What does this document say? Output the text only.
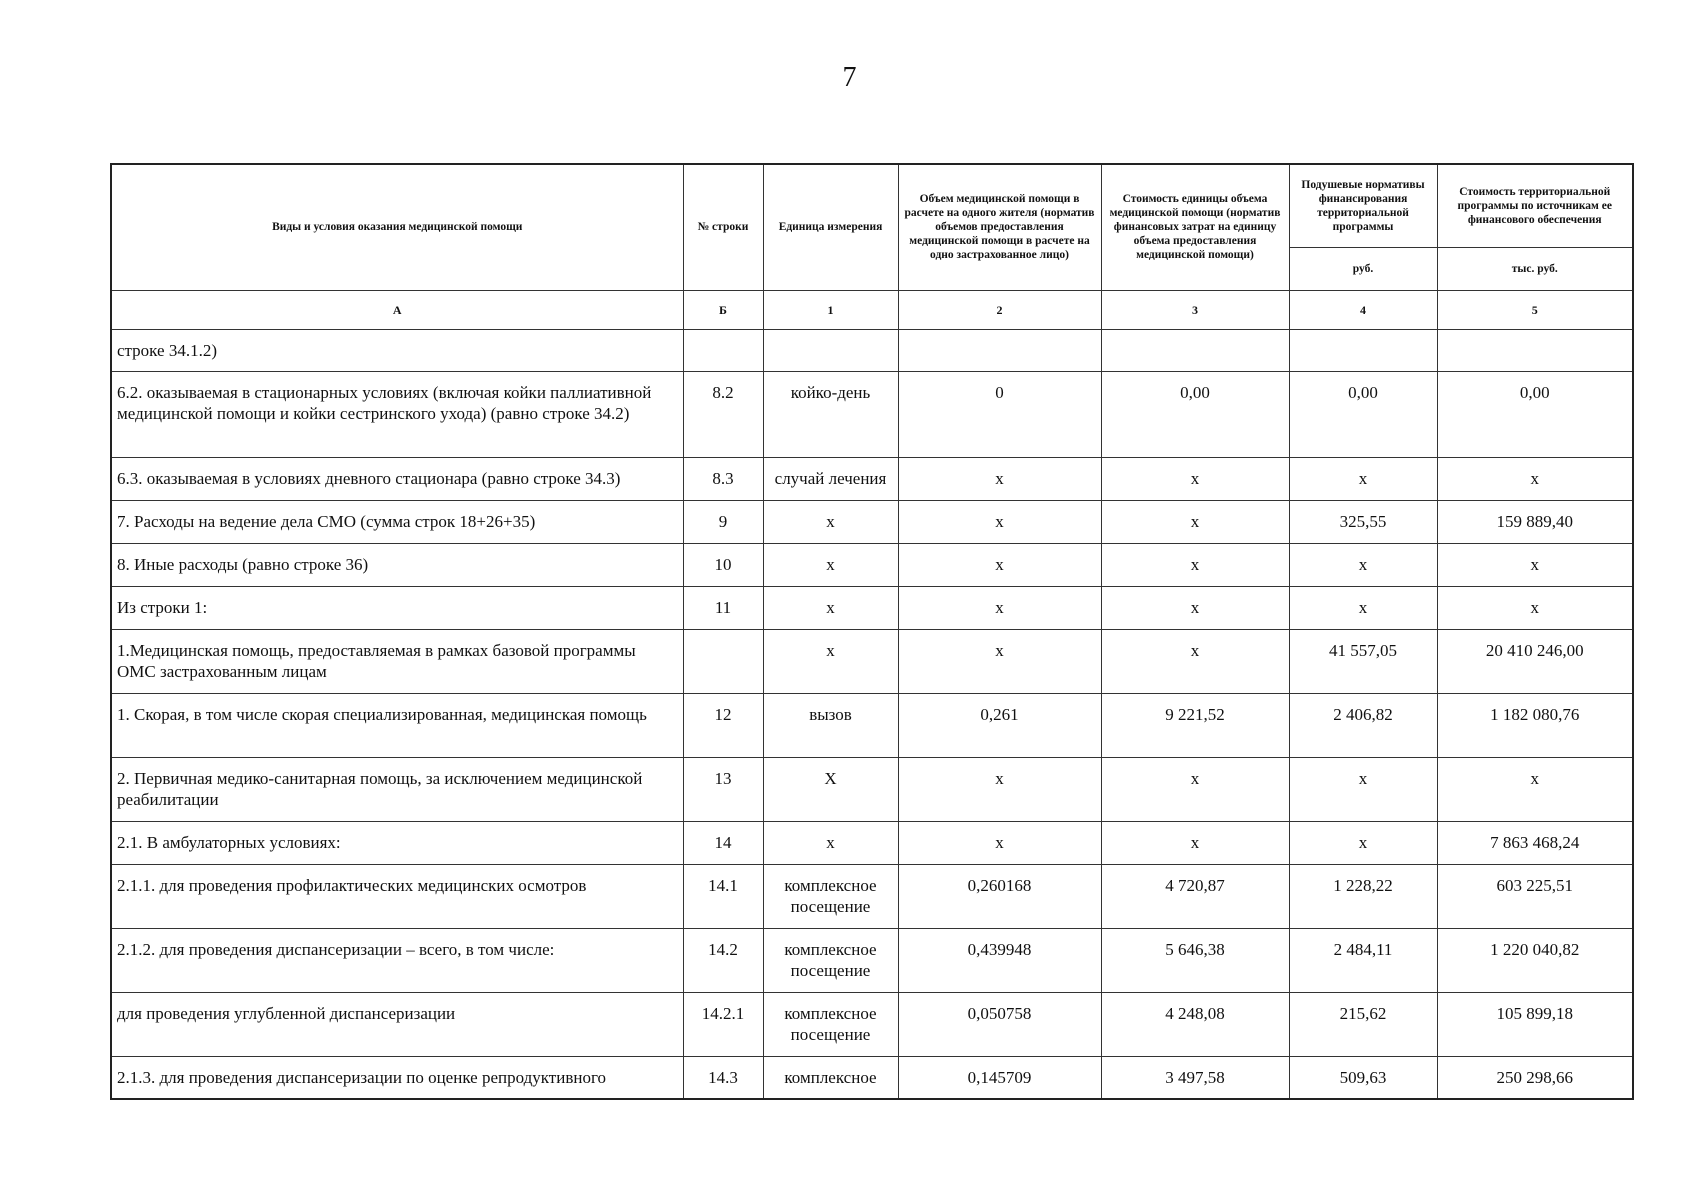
7
Виды и условия оказания медицинской помощи	№ строки	Единица измерения	Объем медицинской помощи в расчете на одного жителя (норматив объемов предоставления медицинской помощи в расчете на одно застрахованное лицо)	Стоимость единицы объема медицинской помощи (норматив финансовых затрат на единицу объема предоставления медицинской помощи)	Подушевые нормативы финансирования территориальной программы	Стоимость территориальной программы по источникам ее финансового обеспечения
					руб.	тыс. руб.
А	Б	1	2	3	4	5
строке 34.1.2)						
6.2. оказываемая в стационарных условиях (включая койки паллиативной медицинской помощи и койки сестринского ухода) (равно строке 34.2)	8.2	койко-день	0	0,00	0,00	0,00
6.3. оказываемая в условиях дневного стационара (равно строке 34.3)	8.3	случай лечения	x	x	x	x
7. Расходы на ведение дела СМО (сумма строк 18+26+35)	9	x	x	x	325,55	159 889,40
8. Иные расходы (равно строке 36)	10	x	x	x	x	x
Из строки 1:	11	x	x	x	x	x
1.Медицинская помощь, предоставляемая в рамках базовой программы ОМС застрахованным лицам		x	x	x	41 557,05	20 410 246,00
1. Скорая, в том числе скорая специализированная, медицинская помощь	12	вызов	0,261	9 221,52	2 406,82	1 182 080,76
2. Первичная медико-санитарная помощь, за исключением медицинской реабилитации	13	X	x	x	x	x
2.1. В амбулаторных условиях:	14	x	x	x	x	7 863 468,24
2.1.1. для проведения профилактических медицинских осмотров	14.1	комплексное посещение	0,260168	4 720,87	1 228,22	603 225,51
2.1.2. для проведения диспансеризации – всего, в том числе:	14.2	комплексное посещение	0,439948	5 646,38	2 484,11	1 220 040,82
для проведения углубленной диспансеризации	14.2.1	комплексное посещение	0,050758	4 248,08	215,62	105 899,18
2.1.3. для проведения диспансеризации по оценке репродуктивного	14.3	комплексное	0,145709	3 497,58	509,63	250 298,66
